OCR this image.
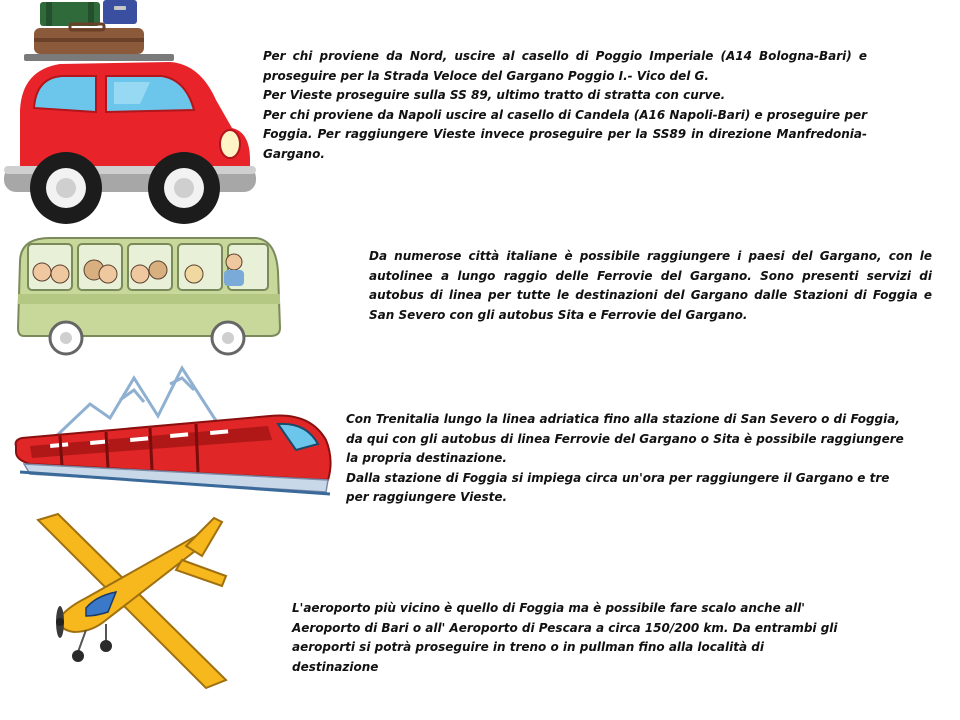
Per chi proviene da Nord, uscire al casello di Poggio Imperiale (A14 Bologna-Bari) e proseguire per la Strada Veloce del Gargano Poggio I.- Vico del G.
Per Vieste proseguire sulla SS 89, ultimo tratto di stratta con curve.
Per chi proviene da Napoli uscire al casello di Candela (A16 Napoli-Bari) e proseguire per Foggia. Per raggiungere Vieste invece proseguire per la SS89 in direzione Manfredonia-Gargano.
Da numerose città italiane è possibile raggiungere i paesi del Gargano, con le autolinee a lungo raggio delle Ferrovie del Gargano. Sono presenti servizi di autobus di linea per tutte le destinazioni del Gargano dalle Stazioni di Foggia e San Severo con gli autobus Sita e Ferrovie del Gargano.
Con Trenitalia lungo la linea adriatica fino alla stazione di San Severo o di Foggia, da qui con gli autobus di linea Ferrovie del Gargano o Sita è possibile raggiungere la propria destinazione.
Dalla stazione di Foggia si impiega circa un'ora per raggiungere il Gargano e tre per raggiungere Vieste.
L'aeroporto più vicino è quello di Foggia ma è possibile fare scalo anche all'
Aeroporto di Bari o all' Aeroporto di Pescara a circa 150/200 km. Da entrambi gli
aeroporti si potrà proseguire in treno o in pullman fino alla località di destinazione
